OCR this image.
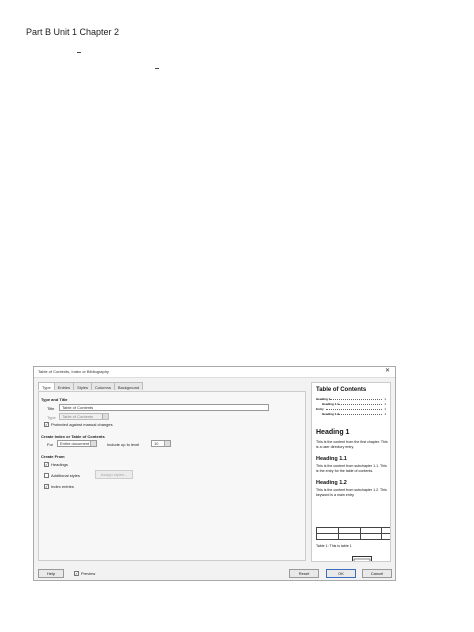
Part B Unit 1 Chapter 2
Table of Contents, Index or Bibliography	✕
Type	Entries	Styles	Columns	Background
Type and Title
Title	Table of Contents
Type	Table of Contents
✓ Protected against manual changes
Create Index or Table of Contents
For	Entire document	Include up to level	10
Create From
✓ Headings
Additional styles	Assign styles...
✓ Index entries
Table of Contents
Heading 1	1
Heading 1.1	1
Entry	1
Heading 1.2	1
Heading 1
This is the content from the first chapter. This is a user directory entry.
Heading 1.1
This is the content from subchapter 1.1. This is the entry for the table of contents.
Heading 1.2
This is the content from subchapter 1.2. This keyword is a main entry.

Table 1: This is table 1
Help	✓ Preview	Reset	OK	Cancel
